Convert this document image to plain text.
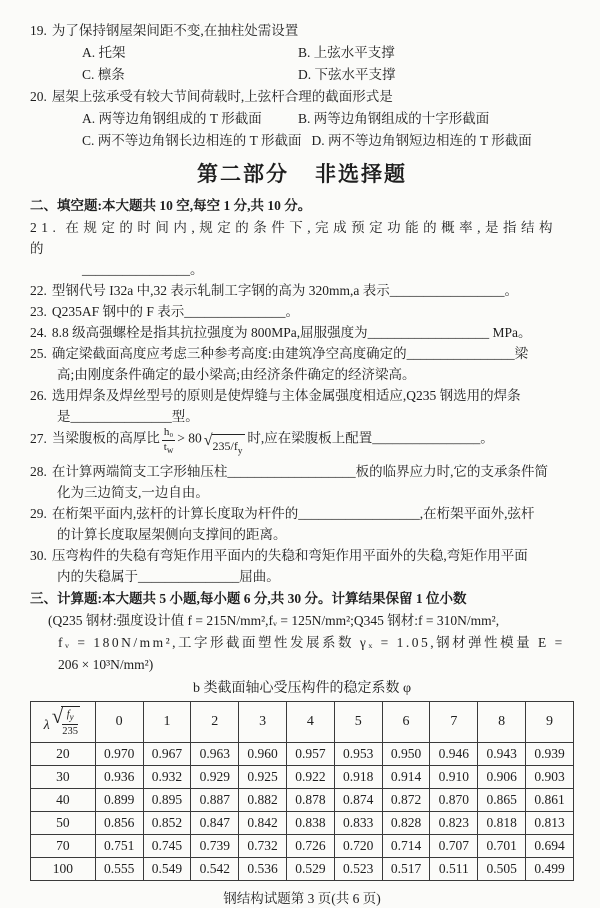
19. 为了保持钢屋架间距不变,在抽柱处需设置
A. 托架	B. 上弦水平支撑
C. 檩条	D. 下弦水平支撑
20. 屋架上弦承受有较大节间荷载时,上弦杆合理的截面形式是
A. 两等边角钢组成的 T 形截面	B. 两等边角钢组成的十字形截面
C. 两不等边角钢长边相连的 T 形截面 D. 两不等边角钢短边相连的 T 形截面
第二部分 非选择题
二、填空题:本大题共 10 空,每空 1 分,共 10 分。
21. 在规定的时间内,规定的条件下,完成预定功能的概率,是指结构的
________________。
22. 型钢代号 I32a 中,32 表示轧制工字钢的高为 320mm,a 表示_________________。
23. Q235AF 钢中的 F 表示_______________。
24. 8.8 级高强螺栓是指其抗拉强度为 800MPa,屈服强度为__________________ MPa。
25. 确定梁截面高度应考虑三种参考高度:由建筑净空高度确定的________________梁
高;由刚度条件确定的最小梁高;由经济条件确定的经济梁高。
26. 选用焊条及焊丝型号的原则是使焊缝与主体金属强度相适应,Q235 钢选用的焊条
是_______________型。
27. 当梁腹板的高厚比 $\frac{\text{h₀}}{t_w} > 80$ √ $235/f_y$
时,应在梁腹板上配置________________。
28. 在计算两端简支工字形轴压柱___________________板的临界应力时,它的支承条件简
化为三边简支,一边自由。
29. 在桁架平面内,弦杆的计算长度取为杆件的__________________,在桁架平面外,弦杆
的计算长度取屋架侧向支撑间的距离。
30. 压弯构件的失稳有弯矩作用平面内的失稳和弯矩作用平面外的失稳,弯矩作用平面
内的失稳属于_______________屈曲。
三、计算题:本大题共 5 小题,每小题 6 分,共 30 分。计算结果保留 1 位小数
(Q235 钢材:强度设计值 f = 215N/mm²,fᵥ = 125N/mm²;Q345 钢材:f = 310N/mm²,
fᵥ = 180N/mm²,工字形截面塑性发展系数 γₓ = 1.05,钢材弹性模量 E =
206 × 10³N/mm²)
b 类截面轴心受压构件的稳定系数 φ
λ √ $\frac{f_y}{235}$	0	1	2	3	4	5	6	7	8	9
20	0.970	0.967	0.963	0.960	0.957	0.953	0.950	0.946	0.943	0.939
30	0.936	0.932	0.929	0.925	0.922	0.918	0.914	0.910	0.906	0.903
40	0.899	0.895	0.887	0.882	0.878	0.874	0.872	0.870	0.865	0.861
50	0.856	0.852	0.847	0.842	0.838	0.833	0.828	0.823	0.818	0.813
70	0.751	0.745	0.739	0.732	0.726	0.720	0.714	0.707	0.701	0.694
100	0.555	0.549	0.542	0.536	0.529	0.523	0.517	0.511	0.505	0.499
钢结构试题第 3 页(共 6 页)
